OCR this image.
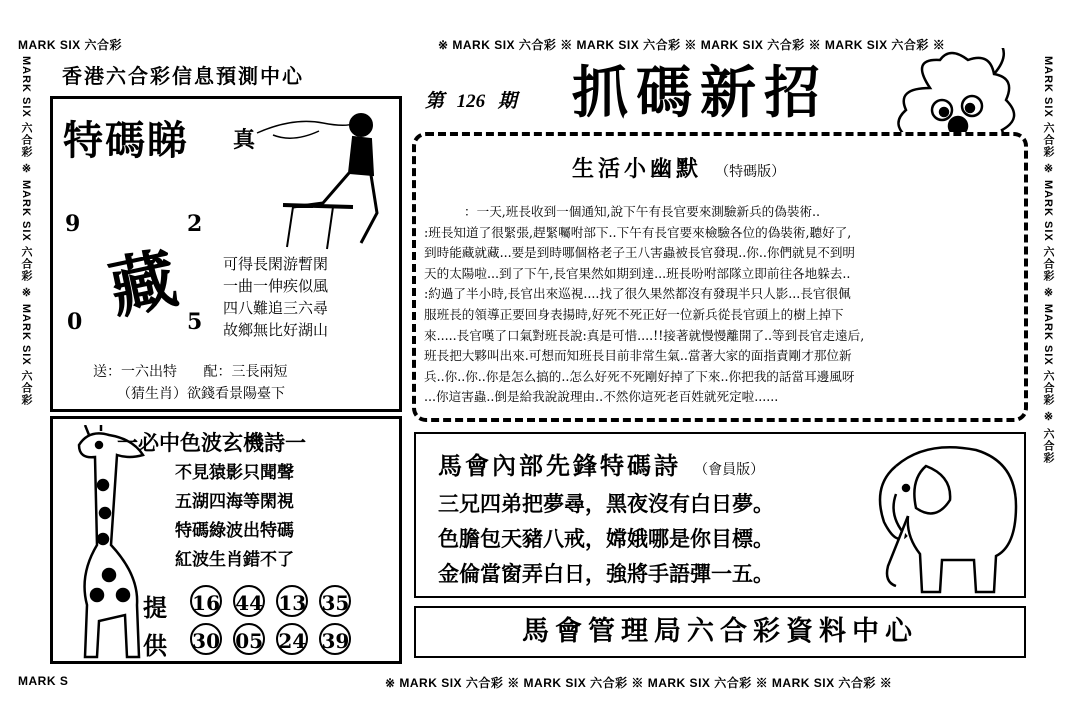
MARK SIX 六合彩	※ MARK SIX 六合彩 ※ MARK SIX 六合彩 ※ MARK SIX 六合彩 ※ MARK SIX 六合彩 ※
MARK S	※ MARK SIX 六合彩 ※ MARK SIX 六合彩 ※ MARK SIX 六合彩 ※ MARK SIX 六合彩 ※
MARK SIX 六合彩 ※ MARK SIX 六合彩 ※ MARK SIX 六合彩	MARK SIX 六合彩 ※ MARK SIX 六合彩 ※ MARK SIX 六合彩 ※ 六合彩
香港六合彩信息預測中心
第 126 期 抓碼新招
特碼睇 真
9	2
0	5
藏	可得長閑游暫閑
一曲一伸疾似風
四八難追三六尋
故鄉無比好湖山
送：一六出特 配：三長兩短
（猜生肖）欲錢看景陽臺下
生活小幽默 （特碼版）

：一天,班長收到一個通知,說下午有長官要來測驗新兵的偽裝術..

:班長知道了很緊張,趕緊囑咐部下..下午有長官要來檢驗各位的偽裝術,聽好了,

到時能藏就藏...要是到時哪個格老子王八害蟲被長官發現..你..你們就見不到明

天的太陽啦...到了下午,長官果然如期到達...班長吩咐部隊立即前往各地躲去..

:約過了半小時,長官出來巡視....找了很久果然都沒有發現半只人影...長官很佩

服班長的領導正要回身表揚時,好死不死正好一位新兵從長官頭上的樹上掉下

來.....長官嘆了口氣對班長說:真是可惜....!!接著就慢慢離開了..等到長官走遠后,

班長把大夥叫出來.可想而知班長目前非常生氣..當著大家的面指責剛才那位新

兵..你..你..你是怎么搞的..怎么好死不死剛好掉了下來..你把我的話當耳邊風呀

...你這害蟲..倒是給我說說理由..不然你這死老百姓就死定啦......

一必中色波玄機詩一
不見猿影只聞聲
五湖四海等閑視
特碼綠波出特碼
紅波生肖錯不了
提 16 44 13 35
供 30 05 24 39
馬會內部先鋒特碼詩 （會員版）
三兄四弟把夢尋，黑夜沒有白日夢。
色膽包天豬八戒，嫦娥哪是你目標。
金倫當窗弄白日，強將手語彈一五。
馬會管理局六合彩資料中心
